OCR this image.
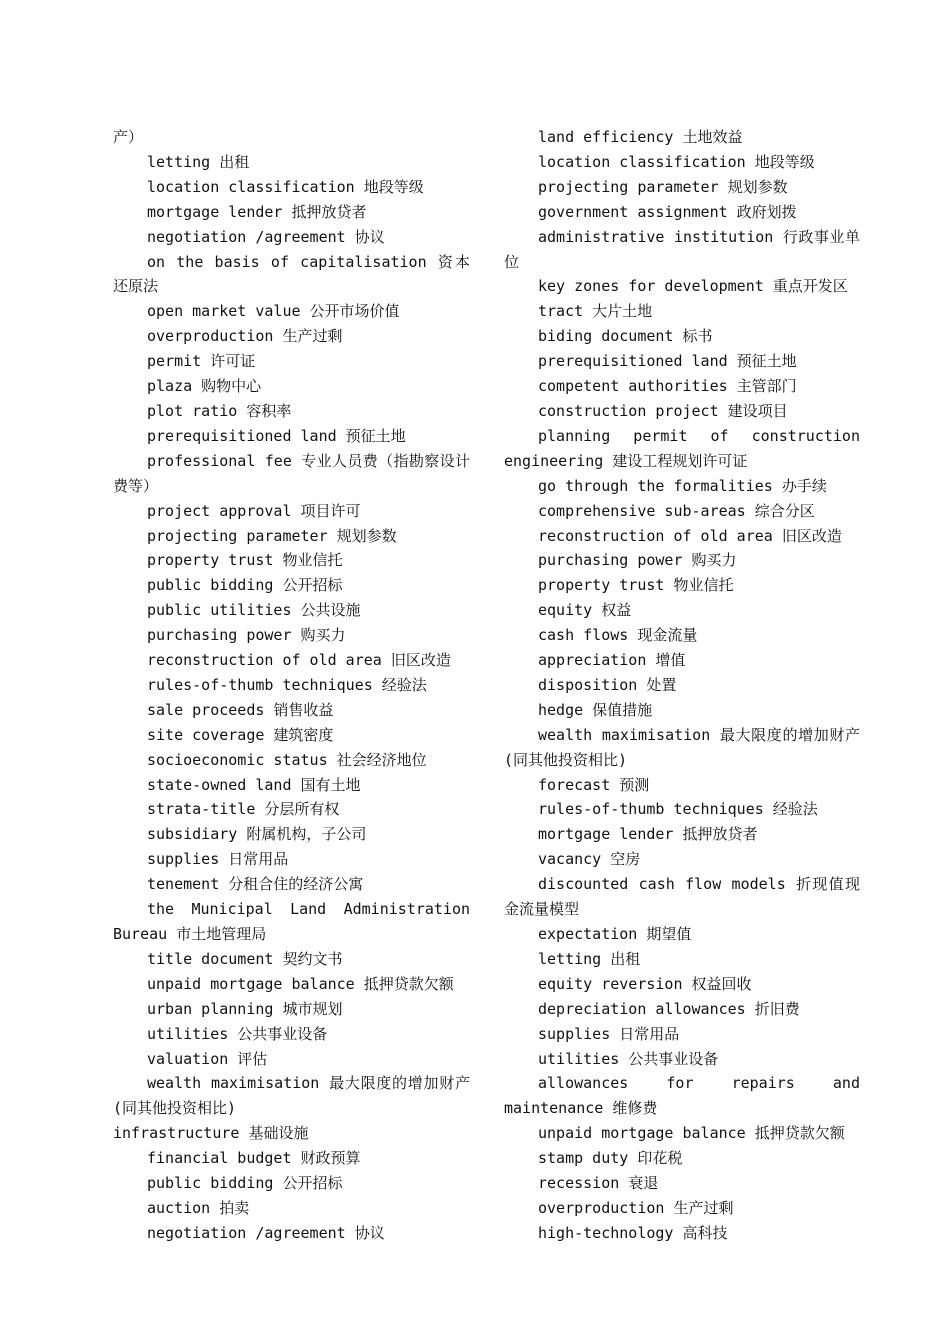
产）
letting 出租
location classification 地段等级
mortgage lender 抵押放贷者
negotiation /agreement 协议
on the basis of capitalisation 资本还原法
open market value 公开市场价值
overproduction 生产过剩
permit 许可证
plaza 购物中心
plot ratio 容积率
prerequisitioned land 预征土地
professional fee 专业人员费（指勘察设计费等）
project approval 项目许可
projecting parameter 规划参数
property trust 物业信托
public bidding 公开招标
public utilities 公共设施
purchasing power 购买力
reconstruction of old area 旧区改造
rules-of-thumb techniques 经验法
sale proceeds 销售收益
site coverage 建筑密度
socioeconomic status 社会经济地位
state-owned land 国有土地
strata-title 分层所有权
subsidiary 附属机构，子公司
supplies 日常用品
tenement 分租合住的经济公寓
the Municipal Land Administration Bureau 市土地管理局
title document 契约文书
unpaid mortgage balance 抵押贷款欠额
urban planning 城市规划
utilities 公共事业设备
valuation 评估
wealth maximisation 最大限度的增加财产(同其他投资相比)
infrastructure 基础设施
financial budget 财政预算
public bidding 公开招标
auction 拍卖
negotiation /agreement 协议
land efficiency 土地效益
location classification 地段等级
projecting parameter 规划参数
government assignment 政府划拨
administrative institution 行政事业单位
key zones for development 重点开发区
tract 大片土地
biding document 标书
prerequisitioned land 预征土地
competent authorities 主管部门
construction project 建设项目
planning permit of construction engineering 建设工程规划许可证
go through the formalities 办手续
comprehensive sub-areas 综合分区
reconstruction of old area 旧区改造
purchasing power 购买力
property trust 物业信托
equity 权益
cash flows 现金流量
appreciation 增值
disposition 处置
hedge 保值措施
wealth maximisation 最大限度的增加财产(同其他投资相比)
forecast 预测
rules-of-thumb techniques 经验法
mortgage lender 抵押放贷者
vacancy 空房
discounted cash flow models 折现值现金流量模型
expectation 期望值
letting 出租
equity reversion 权益回收
depreciation allowances 折旧费
supplies 日常用品
utilities 公共事业设备
allowances for repairs and maintenance 维修费
unpaid mortgage balance 抵押贷款欠额
stamp duty 印花税
recession 衰退
overproduction 生产过剩
high-technology 高科技
